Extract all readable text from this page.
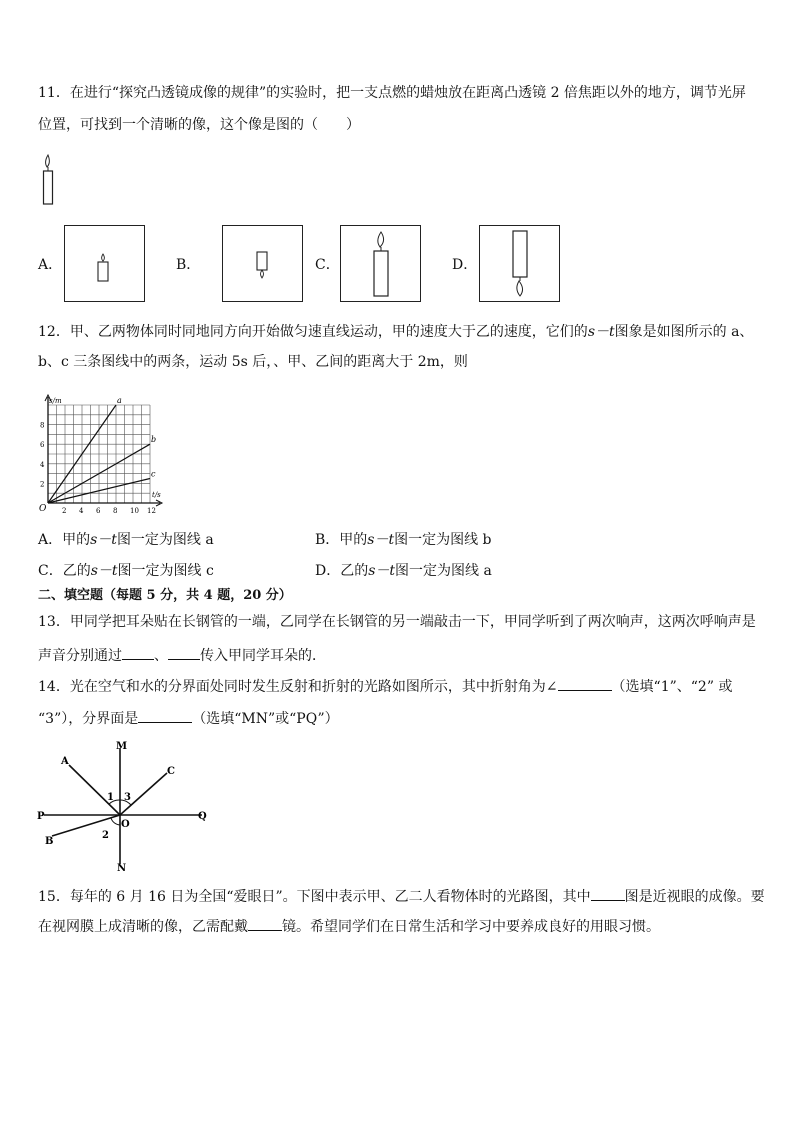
11．在进行“探究凸透镜成像的规律”的实验时，把一支点燃的蜡烛放在距离凸透镜 2 倍焦距以外的地方，调节光屏
位置，可找到一个清晰的像，这个像是图的（　　）
A．	B．	C．	D．
12．甲、乙两物体同时同地同方向开始做匀速直线运动，甲的速度大于乙的速度，它们的s－t图象是如图所示的 a、
b、c 三条图线中的两条，运动 5s 后，、甲、乙间的距离大于 2m，则
2 4 6 8 10 12
2
4
6
8
O
s/m
t/s
a
b
c
A．甲的s－t图一定为图线 a	B．甲的s－t图一定为图线 b
C．乙的s－t图一定为图线 c	D．乙的s－t图一定为图线 a
二、填空题（每题 5 分，共 4 题，20 分）
13．甲同学把耳朵贴在长钢管的一端，乙同学在长钢管的另一端敲击一下，甲同学听到了两次响声，这两次呼响声是
声音分别通过 、 传入甲同学耳朵的．
14．光在空气和水的分界面处同时发生反射和折射的光路如图所示，其中折射角为∠	（选填“1”、“2” 或
“3”），分界面是	（选填“MN”或“PQ”）
A
M
C
1 3
P	Q
O
2
B
N
15．每年的 6 月 16 日为全国“爱眼日”。下图中表示甲、乙二人看物体时的光路图，其中 图是近视眼的成像。要
在视网膜上成清晰的像，乙需配戴 镜。希望同学们在日常生活和学习中要养成良好的用眼习惯。
